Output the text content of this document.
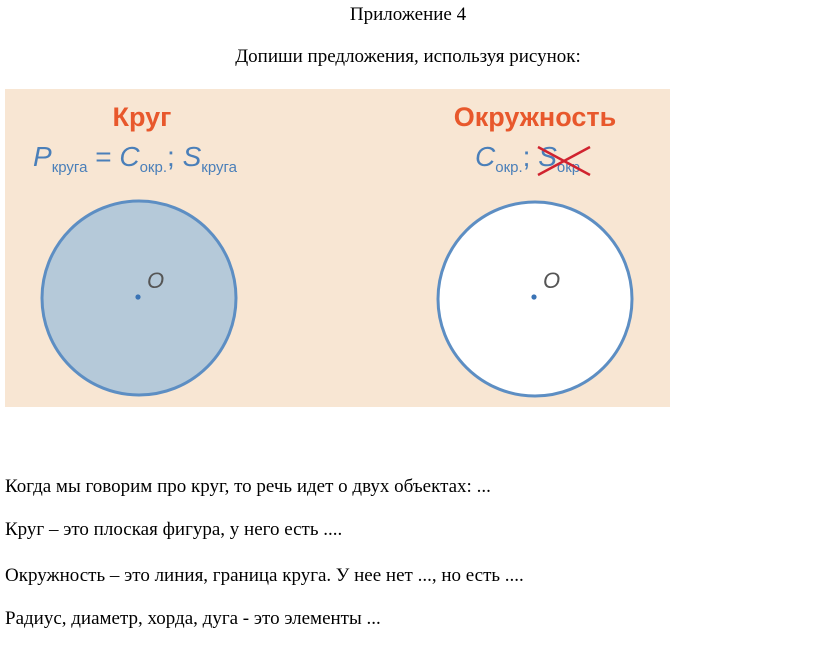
Приложение 4
Допиши предложения, используя рисунок:
Круг
$P_{круга} = C_{окр.}$; $S_{круга}$
O
Окружность
$C_{окр.}$; $S_{окр}$
O
Когда мы говорим про круг, то речь идет о двух объектах: ...
Круг – это плоская фигура, у него есть ....
Окружность – это линия, граница круга. У нее нет ..., но есть ....
Радиус, диаметр, хорда, дуга - это элементы ...
